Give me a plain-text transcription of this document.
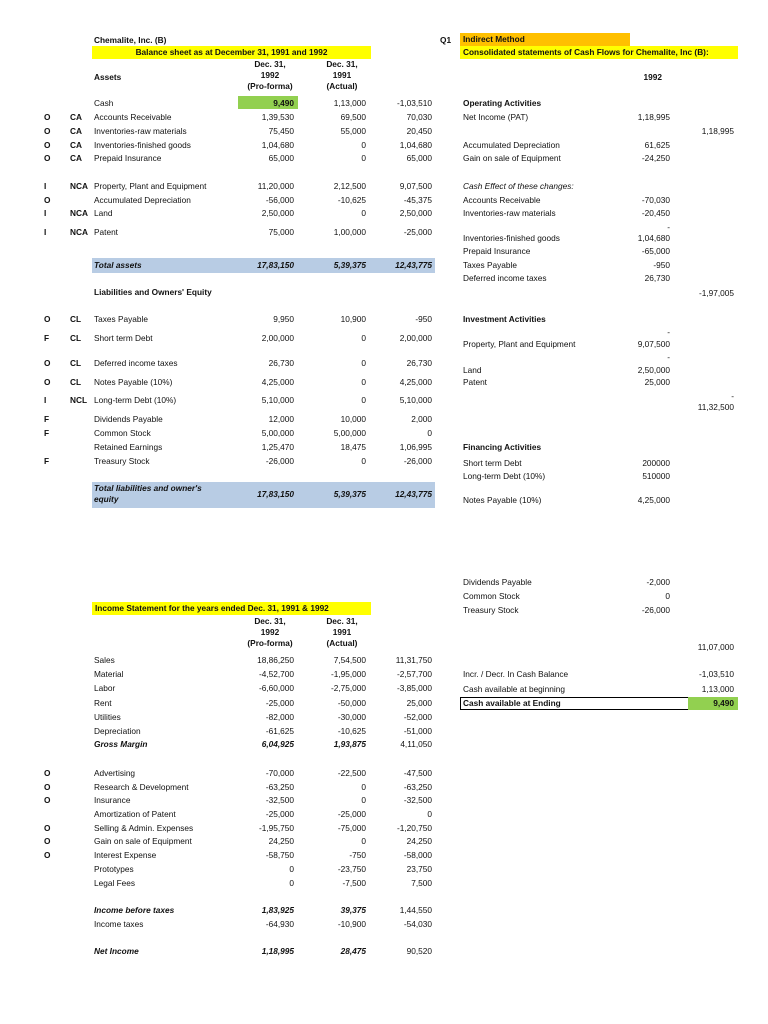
Chemalite, Inc. (B)
Balance sheet as at December 31, 1991 and 1992
Dec. 31,
1992
(Pro-forma)
Dec. 31,
1991
(Actual)
Assets
Cash	9,490	1,13,000	-1,03,510
O CA Accounts Receivable	1,39,530	69,500	70,030
O CA Inventories-raw materials	75,450	55,000	20,450
O CA Inventories-finished goods	1,04,680	0	1,04,680
O CA Prepaid Insurance	65,000	0	65,000
I	NCA Property, Plant and Equipment	11,20,000	2,12,500	9,07,500
O	Accumulated Depreciation	-56,000	-10,625	-45,375
I	NCA Land	2,50,000	0	2,50,000
I	NCA Patent	75,000	1,00,000	-25,000
Total assets	17,83,150	5,39,375	12,43,775
Liabilities and Owners' Equity
O CL Taxes Payable	9,950	10,900	-950
F	CL Short term Debt	2,00,000	0	2,00,000
O CL Deferred income taxes	26,730	0	26,730
O CL Notes Payable (10%)	4,25,000	0	4,25,000
I	NCL Long-term Debt (10%)	5,10,000	0	5,10,000
F	Dividends Payable	12,000	10,000	2,000
F	Common Stock	5,00,000	5,00,000	0
Retained Earnings	1,25,470	18,475	1,06,995
F	Treasury Stock	-26,000	0	-26,000
Total liabilities and owner's
equity	17,83,150	5,39,375	12,43,775
Income Statement for the years ended Dec. 31, 1991 & 1992
Dec. 31,
1992
(Pro-forma)
Dec. 31,
1991
(Actual)
Sales	18,86,250	7,54,500	11,31,750
Material	-4,52,700	-1,95,000	-2,57,700
Labor	-6,60,000	-2,75,000	-3,85,000
Rent	-25,000	-50,000	25,000
Utilities	-82,000	-30,000	-52,000
Depreciation	-61,625	-10,625	-51,000
Gross Margin	6,04,925	1,93,875	4,11,050
O	Advertising	-70,000	-22,500	-47,500
O	Research & Development	-63,250	0	-63,250
O	Insurance	-32,500	0	-32,500
Amortization of Patent	-25,000	-25,000	0
O	Selling & Admin. Expenses	-1,95,750	-75,000	-1,20,750
O	Gain on sale of Equipment	24,250	0	24,250
O	Interest Expense	-58,750	-750	-58,000
Prototypes	0	-23,750	23,750
Legal Fees	0	-7,500	7,500
Income before taxes	1,83,925	39,375	1,44,550
Income taxes	-64,930	-10,900	-54,030
Net Income	1,18,995	28,475	90,520
Q1 Indirect Method
Consolidated statements of Cash Flows for Chemalite, Inc (B):
1992
Operating Activities
Net Income (PAT)	1,18,995
1,18,995
Accumulated Depreciation	61,625
Gain on sale of Equipment	-24,250
Cash Effect of these changes:
Accounts Receivable	-70,030
Inventories-raw materials	-20,450
-
Inventories-finished goods	1,04,680
Prepaid Insurance	-65,000
Taxes Payable	-950
Deferred income taxes	26,730
-1,97,005
Investment Activities
-
Property, Plant and Equipment	9,07,500
-
Land	2,50,000
Patent	25,000
-
11,32,500
Financing Activities
Short term Debt	200000
Long-term Debt (10%)	510000
Notes Payable (10%)	4,25,000
Dividends Payable	-2,000
Common Stock	0
Treasury Stock	-26,000
11,07,000
Incr. / Decr. In Cash Balance	-1,03,510
Cash available at beginning	1,13,000
Cash available at Ending	9,490
